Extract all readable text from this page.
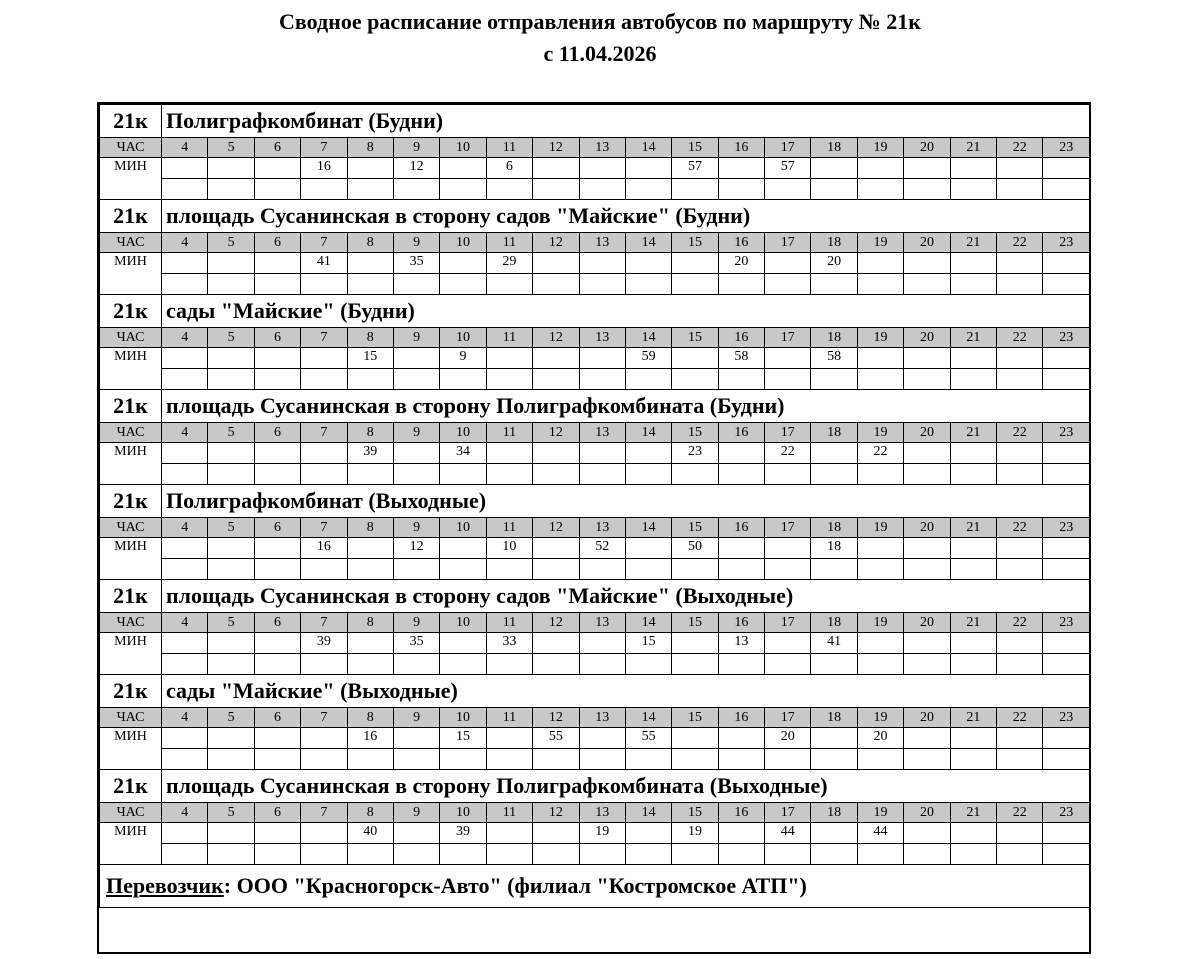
Сводное расписание отправления автобусов по маршруту № 21к
с 11.04.2026
21к	Полиграфкомбинат (Будни)																			
ЧАС	4	5	6	7	8	9	10	11	12	13	14	15	16	17	18	19	20	21	22	23
МИН				16		12		6				57		57						

21к	площадь Сусанинская в сторону садов "Майские" (Будни)																			
ЧАС	4	5	6	7	8	9	10	11	12	13	14	15	16	17	18	19	20	21	22	23
МИН				41		35		29					20		20					

21к	сады "Майские" (Будни)																			
ЧАС	4	5	6	7	8	9	10	11	12	13	14	15	16	17	18	19	20	21	22	23
МИН					15		9				59		58		58					

21к	площадь Сусанинская в сторону Полиграфкомбината (Будни)																			
ЧАС	4	5	6	7	8	9	10	11	12	13	14	15	16	17	18	19	20	21	22	23
МИН					39		34					23		22		22				

21к	Полиграфкомбинат (Выходные)																			
ЧАС	4	5	6	7	8	9	10	11	12	13	14	15	16	17	18	19	20	21	22	23
МИН				16		12		10		52		50			18					

21к	площадь Сусанинская в сторону садов "Майские" (Выходные)																			
ЧАС	4	5	6	7	8	9	10	11	12	13	14	15	16	17	18	19	20	21	22	23
МИН				39		35		33			15		13		41					

21к	сады "Майские" (Выходные)																			
ЧАС	4	5	6	7	8	9	10	11	12	13	14	15	16	17	18	19	20	21	22	23
МИН					16		15		55		55			20		20				

21к	площадь Сусанинская в сторону Полиграфкомбината (Выходные)																			
ЧАС	4	5	6	7	8	9	10	11	12	13	14	15	16	17	18	19	20	21	22	23
МИН					40		39			19		19		44		44				

Перевозчик: ООО "Красногорск-Авто" (филиал "Костромское АТП")																				
